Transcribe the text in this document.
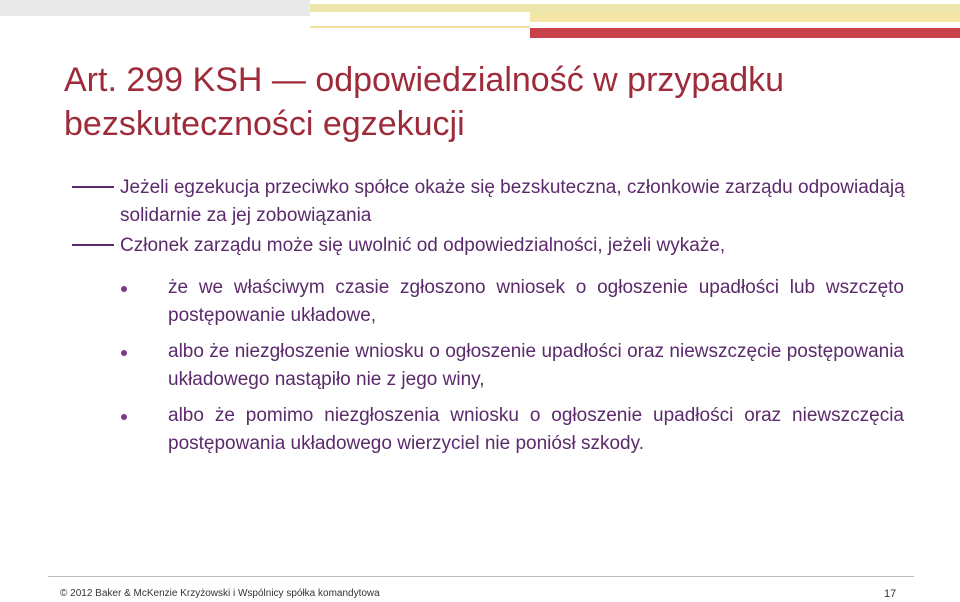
Art. 299 KSH — odpowiedzialność w przypadku bezskuteczności egzekucji
Jeżeli egzekucja przeciwko spółce okaże się bezskuteczna, członkowie zarządu odpowiadają solidarnie za jej zobowiązania
Członek zarządu może się uwolnić od odpowiedzialności, jeżeli wykaże,
że we właściwym czasie zgłoszono wniosek o ogłoszenie upadłości lub wszczęto postępowanie układowe,
albo że niezgłoszenie wniosku o ogłoszenie upadłości oraz niewszczęcie postępowania układowego nastąpiło nie z jego winy,
albo że pomimo niezgłoszenia wniosku o ogłoszenie upadłości oraz niewszczęcia postępowania układowego wierzyciel nie poniósł szkody.
© 2012 Baker & McKenzie Krzyżowski i Wspólnicy spółka komandytowa	17
